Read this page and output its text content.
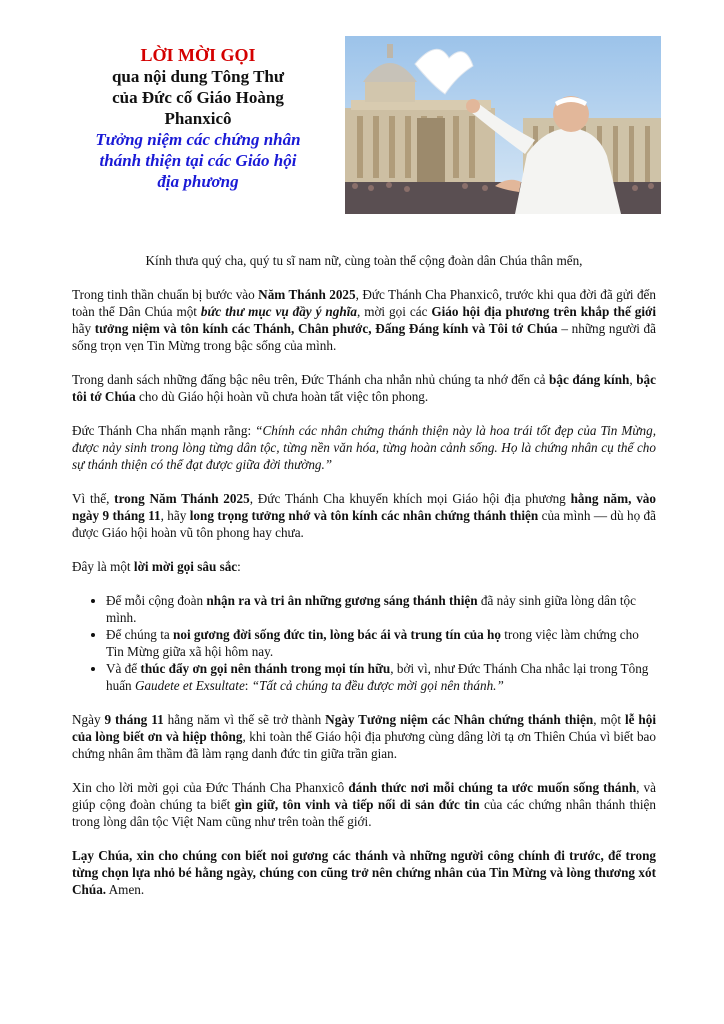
LỜI MỜI GỌI
qua nội dung Tông Thư
của Đức cố Giáo Hoàng
Phanxicô
Tưởng niệm các chứng nhân
thánh thiện tại các Giáo hội
địa phương

Kính thưa quý cha, quý tu sĩ nam nữ, cùng toàn thể cộng đoàn dân Chúa thân mến,

Trong tinh thần chuẩn bị bước vào Năm Thánh 2025, Đức Thánh Cha Phanxicô, trước khi qua đời đã gửi đến toàn thể Dân Chúa một bức thư mục vụ đầy ý nghĩa, mời gọi các Giáo hội địa phương trên khắp thế giới hãy tưởng niệm và tôn kính các Thánh, Chân phước, Đấng Đáng kính và Tôi tớ Chúa – những người đã sống trọn vẹn Tin Mừng trong bậc sống của mình.

Trong danh sách những đấng bậc nêu trên, Đức Thánh cha nhắn nhủ chúng ta nhớ đến cả bậc đáng kính, bậc tôi tớ Chúa cho dù Giáo hội hoàn vũ chưa hoàn tất việc tôn phong.

Đức Thánh Cha nhấn mạnh rằng: “Chính các nhân chứng thánh thiện này là hoa trái tốt đẹp của Tin Mừng, được nảy sinh trong lòng từng dân tộc, từng nền văn hóa, từng hoàn cảnh sống. Họ là chứng nhân cụ thể cho sự thánh thiện có thể đạt được giữa đời thường.”

Vì thế, trong Năm Thánh 2025, Đức Thánh Cha khuyến khích mọi Giáo hội địa phương hằng năm, vào ngày 9 tháng 11, hãy long trọng tưởng nhớ và tôn kính các nhân chứng thánh thiện của mình — dù họ đã được Giáo hội hoàn vũ tôn phong hay chưa.

Đây là một lời mời gọi sâu sắc:

• Để mỗi cộng đoàn nhận ra và tri ân những gương sáng thánh thiện đã nảy sinh giữa lòng dân tộc mình.
• Để chúng ta noi gương đời sống đức tin, lòng bác ái và trung tín của họ trong việc làm chứng cho Tin Mừng giữa xã hội hôm nay.
• Và để thúc đẩy ơn gọi nên thánh trong mọi tín hữu, bởi vì, như Đức Thánh Cha nhắc lại trong Tông huấn Gaudete et Exsultate: “Tất cả chúng ta đều được mời gọi nên thánh.”

Ngày 9 tháng 11 hằng năm vì thế sẽ trở thành Ngày Tưởng niệm các Nhân chứng thánh thiện, một lễ hội của lòng biết ơn và hiệp thông, khi toàn thể Giáo hội địa phương cùng dâng lời tạ ơn Thiên Chúa vì biết bao chứng nhân âm thầm đã làm rạng danh đức tin giữa trần gian.

Xin cho lời mời gọi của Đức Thánh Cha Phanxicô đánh thức nơi mỗi chúng ta ước muốn sống thánh, và giúp cộng đoàn chúng ta biết gìn giữ, tôn vinh và tiếp nối di sản đức tin của các chứng nhân thánh thiện trong lòng dân tộc Việt Nam cũng như trên toàn thế giới.

Lạy Chúa, xin cho chúng con biết noi gương các thánh và những người công chính đi trước, để trong từng chọn lựa nhỏ bé hằng ngày, chúng con cũng trở nên chứng nhân của Tin Mừng và lòng thương xót Chúa. Amen.
